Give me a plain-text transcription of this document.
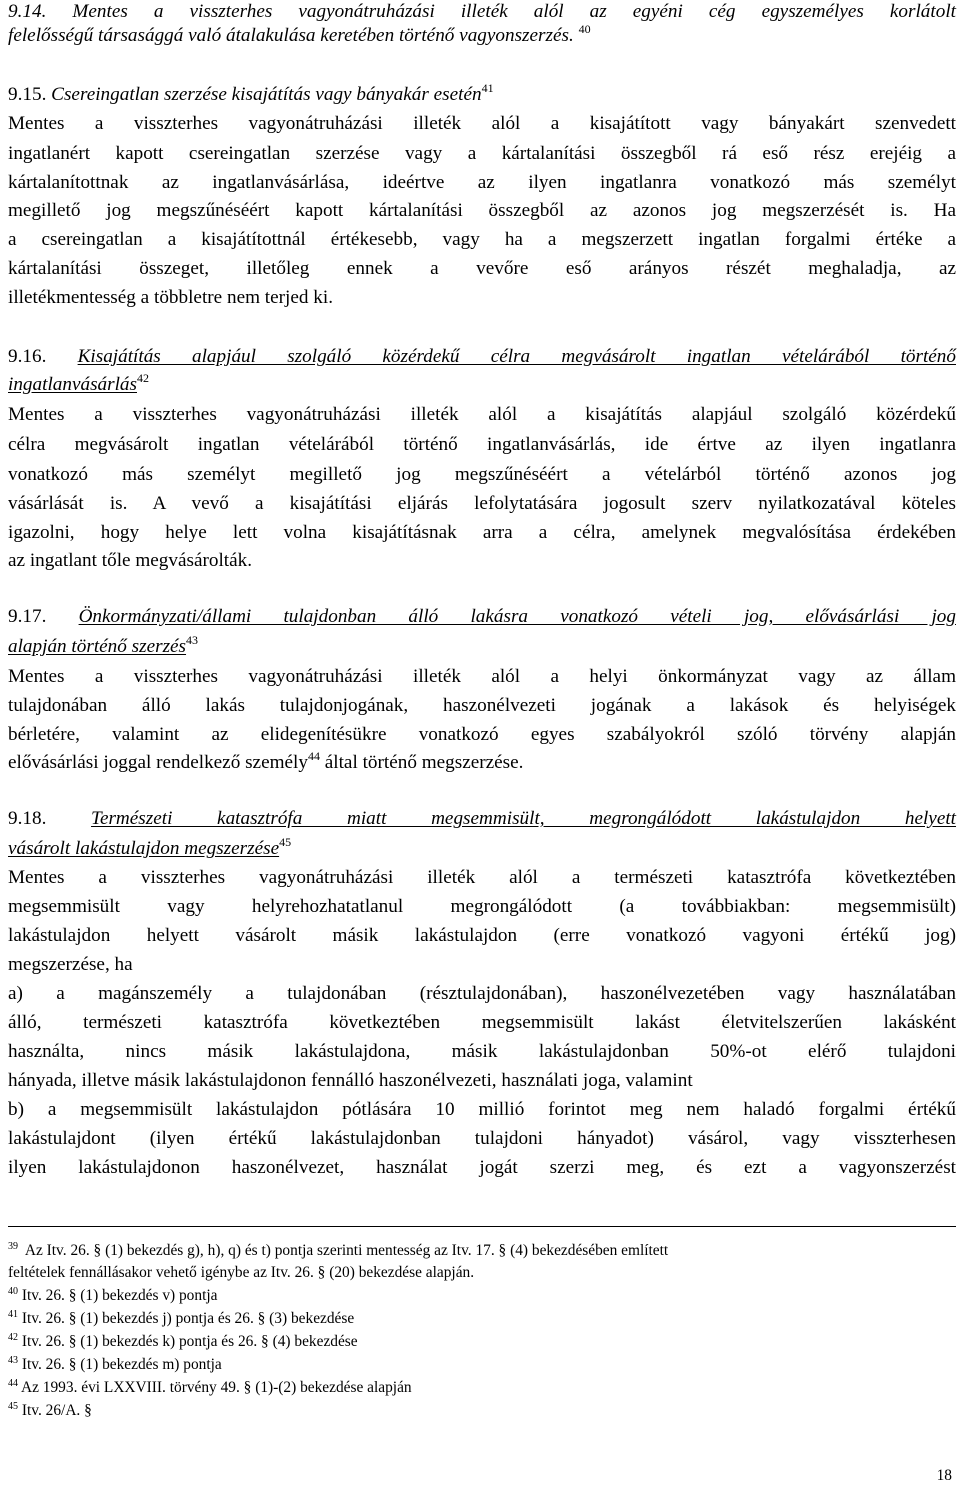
9.14. Mentes a visszterhes vagyonátruházási illeték alól az egyéni cég egyszemélyes korlátolt
felelősségű társasággá való átalakulása keretében történő vagyonszerzés. $^{40}$
9.15. Csereingatlan szerzése kisajátítás vagy bányakár esetén$^{41}$
Mentes a visszterhes vagyonátruházási illeték alól a kisajátított vagy bányakárt szenvedett
ingatlanért kapott csereingatlan szerzése vagy a kártalanítási összegből rá eső rész erejéig a
kártalanítottnak az ingatlanvásárlása, ideértve az ilyen ingatlanra vonatkozó más személyt
megillető jog megszűnéséért kapott kártalanítási összegből az azonos jog megszerzését is. Ha
a csereingatlan a kisajátítottnál értékesebb, vagy ha a megszerzett ingatlan forgalmi értéke a
kártalanítási összeget, illetőleg ennek a vevőre eső arányos részét meghaladja, az
illetékmentesség a többletre nem terjed ki.
9.16. Kisajátítás alapjául szolgáló közérdekű célra megvásárolt ingatlan vételárából történő
ingatlanvásárlás$^{42}$
Mentes a visszterhes vagyonátruházási illeték alól a kisajátítás alapjául szolgáló közérdekű
célra megvásárolt ingatlan vételárából történő ingatlanvásárlás, ide értve az ilyen ingatlanra
vonatkozó más személyt megillető jog megszűnéséért a vételárból történő azonos jog
vásárlását is. A vevő a kisajátítási eljárás lefolytatására jogosult szerv nyilatkozatával köteles
igazolni, hogy helye lett volna kisajátításnak arra a célra, amelynek megvalósítása érdekében
az ingatlant tőle megvásárolták.
9.17. Önkormányzati/állami tulajdonban álló lakásra vonatkozó vételi jog, elővásárlási jog
alapján történő szerzés$^{43}$
Mentes a visszterhes vagyonátruházási illeték alól a helyi önkormányzat vagy az állam
tulajdonában álló lakás tulajdonjogának, haszonélvezeti jogának a lakások és helyiségek
bérletére, valamint az elidegenítésükre vonatkozó egyes szabályokról szóló törvény alapján
elővásárlási joggal rendelkező személy$^{44}$ által történő megszerzése.
9.18. Természeti katasztrófa miatt megsemmisült, megrongálódott lakástulajdon helyett
vásárolt lakástulajdon megszerzése$^{45}$
Mentes a visszterhes vagyonátruházási illeték alól a természeti katasztrófa következtében
megsemmisült vagy helyrehozhatatlanul megrongálódott (a továbbiakban: megsemmisült)
lakástulajdon helyett vásárolt másik lakástulajdon (erre vonatkozó vagyoni értékű jog)
megszerzése, ha
a) a magánszemély a tulajdonában (résztulajdonában), haszonélvezetében vagy használatában
álló, természeti katasztrófa következtében megsemmisült lakást életvitelszerűen lakásként
használta, nincs másik lakástulajdona, másik lakástulajdonban 50%-ot elérő tulajdoni
hányada, illetve másik lakástulajdonon fennálló haszonélvezeti, használati joga, valamint
b) a megsemmisült lakástulajdon pótlására 10 millió forintot meg nem haladó forgalmi értékű
lakástulajdont (ilyen értékű lakástulajdonban tulajdoni hányadot) vásárol, vagy visszterhesen
ilyen lakástulajdonon haszonélvezet, használat jogát szerzi meg, és ezt a vagyonszerzést
$^{39}$ Az Itv. 26. § (1) bekezdés g), h), q) és t) pontja szerinti mentesség az Itv. 17. § (4) bekezdésében említett
feltételek fennállásakor vehető igénybe az Itv. 26. § (20) bekezdése alapján.
$^{40}$ Itv. 26. § (1) bekezdés v) pontja
$^{41}$ Itv. 26. § (1) bekezdés j) pontja és 26. § (3) bekezdése
$^{42}$ Itv. 26. § (1) bekezdés k) pontja és 26. § (4) bekezdése
$^{43}$ Itv. 26. § (1) bekezdés m) pontja
$^{44}$ Az 1993. évi LXXVIII. törvény 49. § (1)-(2) bekezdése alapján
$^{45}$ Itv. 26/A. §
18
